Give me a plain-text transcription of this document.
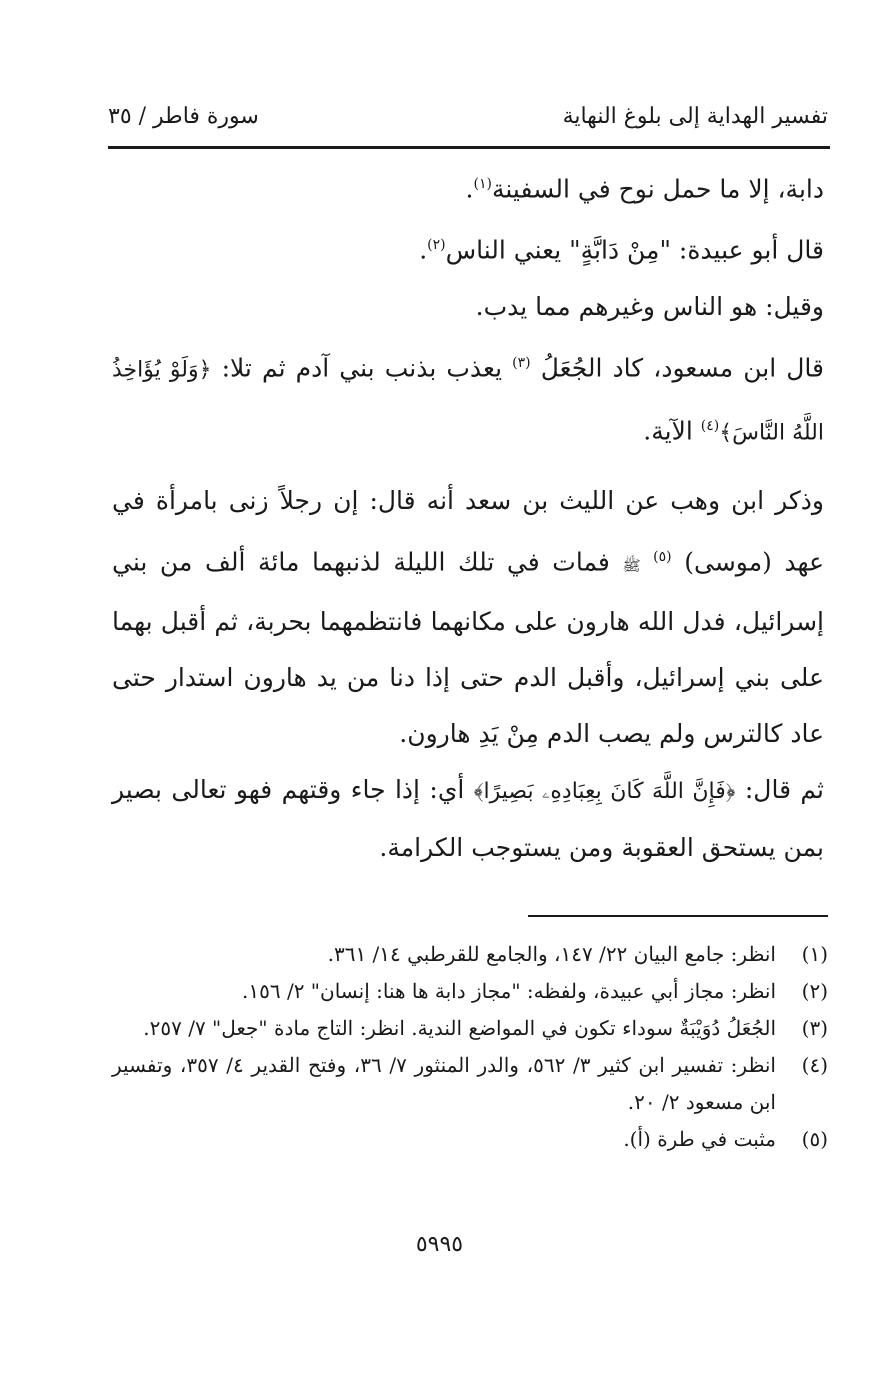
تفسير الهداية إلى بلوغ النهاية
سورة فاطر / ٣٥

دابة، إلا ما حمل نوح في السفينة$^{(١)}$.

قال أبو عبيدة: "مِنْ دَابَّةٍ" يعني الناس$^{(٢)}$.

وقيل: هو الناس وغيرهم مما يدب.

قال ابن مسعود، كاد الجُعَلُ $^{(٣)}$ يعذب بذنب بني آدم ثم تلا: ﴿وَلَوْ يُؤَاخِذُ اللَّهُ النَّاسَ﴾$^{(٤)}$ الآية.

وذكر ابن وهب عن الليث بن سعد أنه قال: إن رجلاً زنى بامرأة في عهد (موسى) $^{(٥)}$ ﷺ فمات في تلك الليلة لذنبهما مائة ألف من بني إسرائيل، فدل الله هارون على مكانهما فانتظمهما بحربة، ثم أقبل بهما على بني إسرائيل، وأقبل الدم حتى إذا دنا من يد هارون استدار حتى عاد كالترس ولم يصب الدم مِنْ يَدِ هارون.

ثم قال: ﴿فَإِنَّ اللَّهَ كَانَ بِعِبَادِهِۦ بَصِيرًا﴾ أي: إذا جاء وقتهم فهو تعالى بصير بمن يستحق العقوبة ومن يستوجب الكرامة.

(١)
انظر: جامع البيان ٢٢/ ١٤٧، والجامع للقرطبي ١٤/ ٣٦١.
(٢)
انظر: مجاز أبي عبيدة، ولفظه: "مجاز دابة ها هنا: إنسان" ٢/ ١٥٦.
(٣)
الجُعَلُ دُوَيْبَةٌ سوداء تكون في المواضع الندية. انظر: التاج مادة "جعل" ٧/ ٢٥٧.
(٤)
انظر: تفسير ابن كثير ٣/ ٥٦٢، والدر المنثور ٧/ ٣٦، وفتح القدير ٤/ ٣٥٧، وتفسير ابن مسعود ٢/ ٢٠.
(٥)
مثبت في طرة (أ).
٥٩٩٥
